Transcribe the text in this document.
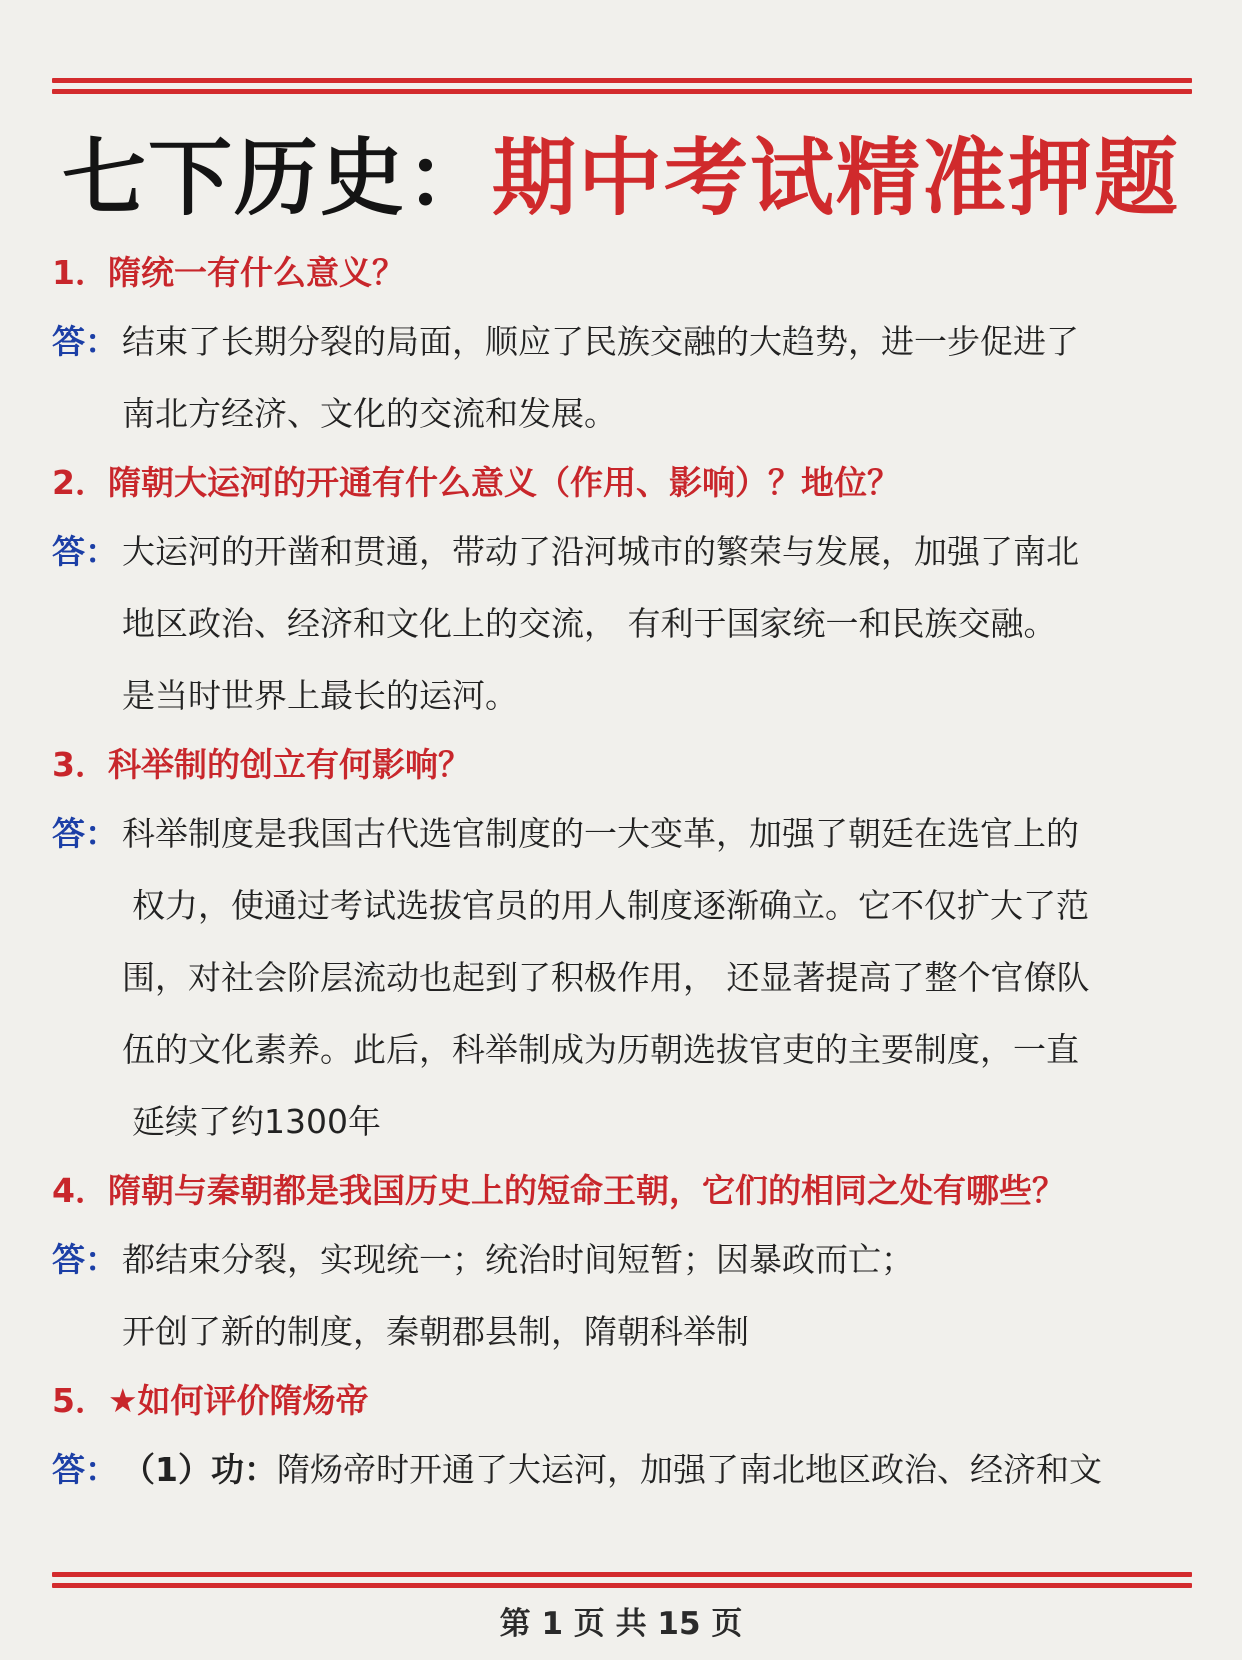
七下历史：期中考试精准押题
1．隋统一有什么意义？
答： 结束了长期分裂的局面，顺应了民族交融的大趋势，进一步促进了
南北方经济、文化的交流和发展。
2．隋朝大运河的开通有什么意义（作用、影响）？地位？
答： 大运河的开凿和贯通，带动了沿河城市的繁荣与发展，加强了南北
地区政治、经济和文化上的交流， 有利于国家统一和民族交融。
是当时世界上最长的运河。
3．科举制的创立有何影响？
答： 科举制度是我国古代选官制度的一大变革，加强了朝廷在选官上的
权力，使通过考试选拔官员的用人制度逐渐确立。它不仅扩大了范
围，对社会阶层流动也起到了积极作用， 还显著提高了整个官僚队
伍的文化素养。此后，科举制成为历朝选拔官吏的主要制度，一直
延续了约1300年
4．隋朝与秦朝都是我国历史上的短命王朝，它们的相同之处有哪些？
答： 都结束分裂，实现统一；统治时间短暂；因暴政而亡；
开创了新的制度，秦朝郡县制，隋朝科举制
5．★如何评价隋炀帝
答： （1）功：隋炀帝时开通了大运河，加强了南北地区政治、经济和文
第 1 页 共 15 页
